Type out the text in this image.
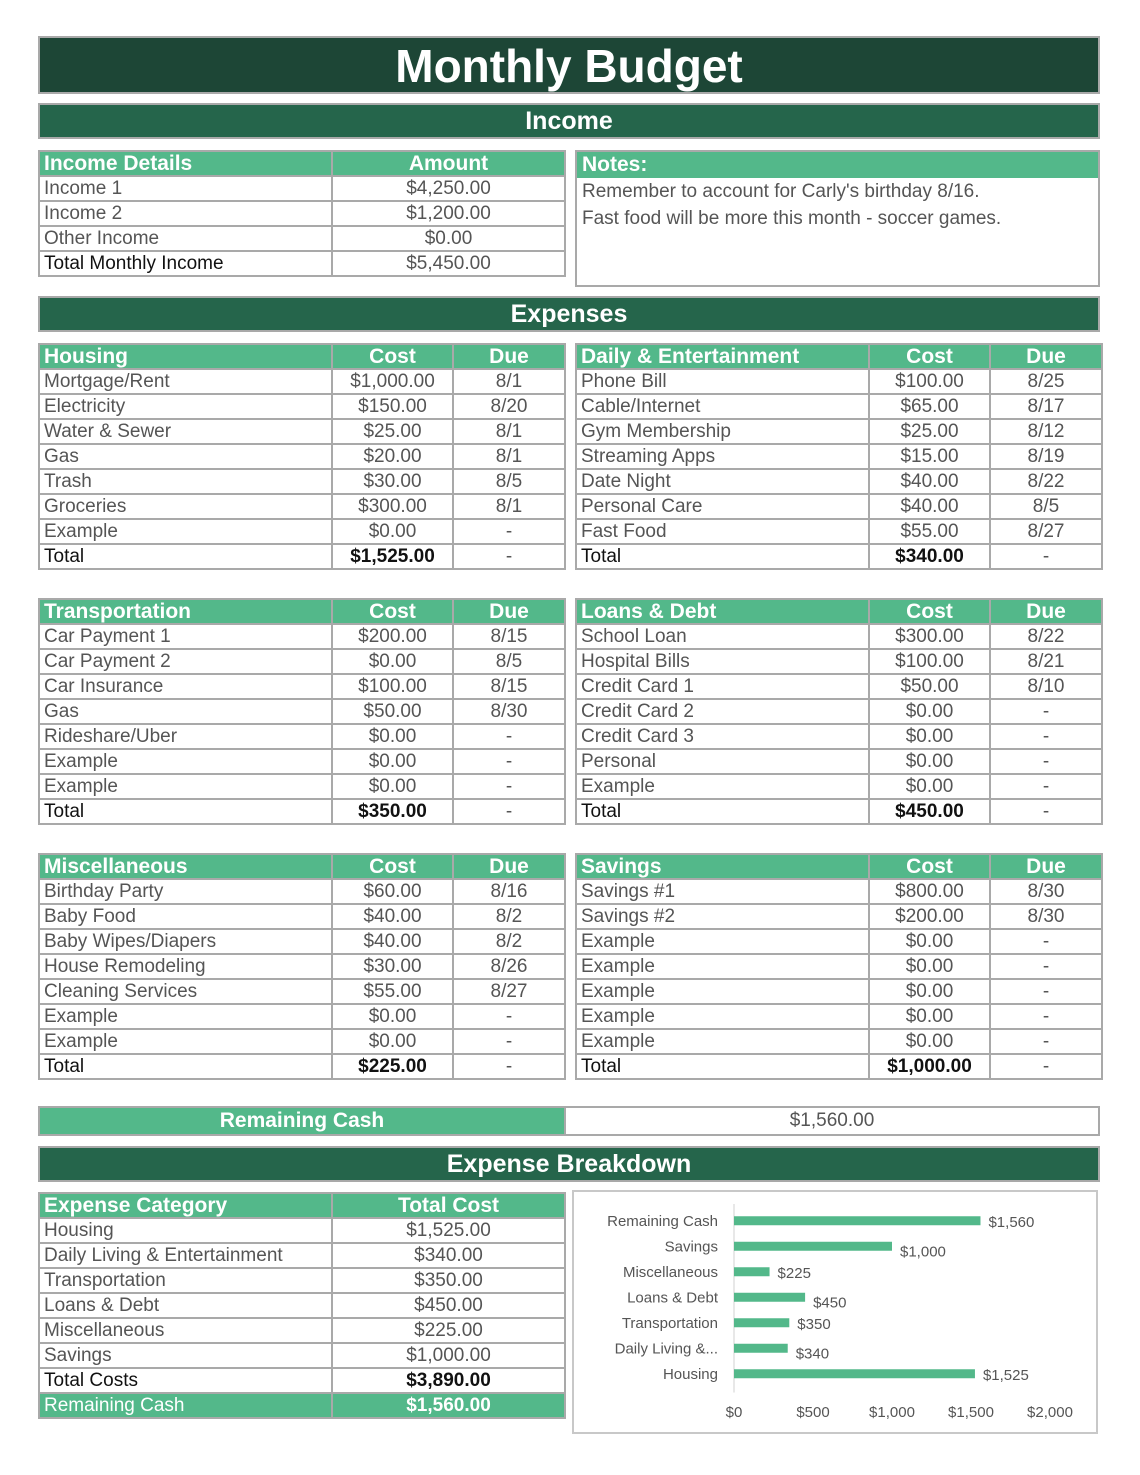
Monthly Budget
Income
Income Details	Amount
Income 1	$4,250.00
Income 2	$1,200.00
Other Income	$0.00
Total Monthly Income	$5,450.00
Notes:
Remember to account for Carly's birthday 8/16.
Fast food will be more this month - soccer games.
Expenses
Housing	Cost	Due
Mortgage/Rent	$1,000.00	8/1
Electricity	$150.00	8/20
Water & Sewer	$25.00	8/1
Gas	$20.00	8/1
Trash	$30.00	8/5
Groceries	$300.00	8/1
Example	$0.00	-
Total	$1,525.00	-
Daily & Entertainment	Cost	Due
Phone Bill	$100.00	8/25
Cable/Internet	$65.00	8/17
Gym Membership	$25.00	8/12
Streaming Apps	$15.00	8/19
Date Night	$40.00	8/22
Personal Care	$40.00	8/5
Fast Food	$55.00	8/27
Total	$340.00	-
Transportation	Cost	Due
Car Payment 1	$200.00	8/15
Car Payment 2	$0.00	8/5
Car Insurance	$100.00	8/15
Gas	$50.00	8/30
Rideshare/Uber	$0.00	-
Example	$0.00	-
Example	$0.00	-
Total	$350.00	-
Loans & Debt	Cost	Due
School Loan	$300.00	8/22
Hospital Bills	$100.00	8/21
Credit Card 1	$50.00	8/10
Credit Card 2	$0.00	-
Credit Card 3	$0.00	-
Personal	$0.00	-
Example	$0.00	-
Total	$450.00	-
Miscellaneous	Cost	Due
Birthday Party	$60.00	8/16
Baby Food	$40.00	8/2
Baby Wipes/Diapers	$40.00	8/2
House Remodeling	$30.00	8/26
Cleaning Services	$55.00	8/27
Example	$0.00	-
Example	$0.00	-
Total	$225.00	-
Savings	Cost	Due
Savings #1	$800.00	8/30
Savings #2	$200.00	8/30
Example	$0.00	-
Example	$0.00	-
Example	$0.00	-
Example	$0.00	-
Example	$0.00	-
Total	$1,000.00	-
Remaining Cash	$1,560.00
Expense Breakdown
Expense Category	Total Cost
Housing	$1,525.00
Daily Living & Entertainment	$340.00
Transportation	$350.00
Loans & Debt	$450.00
Miscellaneous	$225.00
Savings	$1,000.00
Total Costs	$3,890.00
Remaining Cash	$1,560.00
Remaining Cash	$1,560
Savings	$1,000
Miscellaneous	$225
Loans & Debt	$450
Transportation	$350
Daily Living &...	$340
Housing	$1,525
$0	$500	$1,000 $1,500 $2,000
